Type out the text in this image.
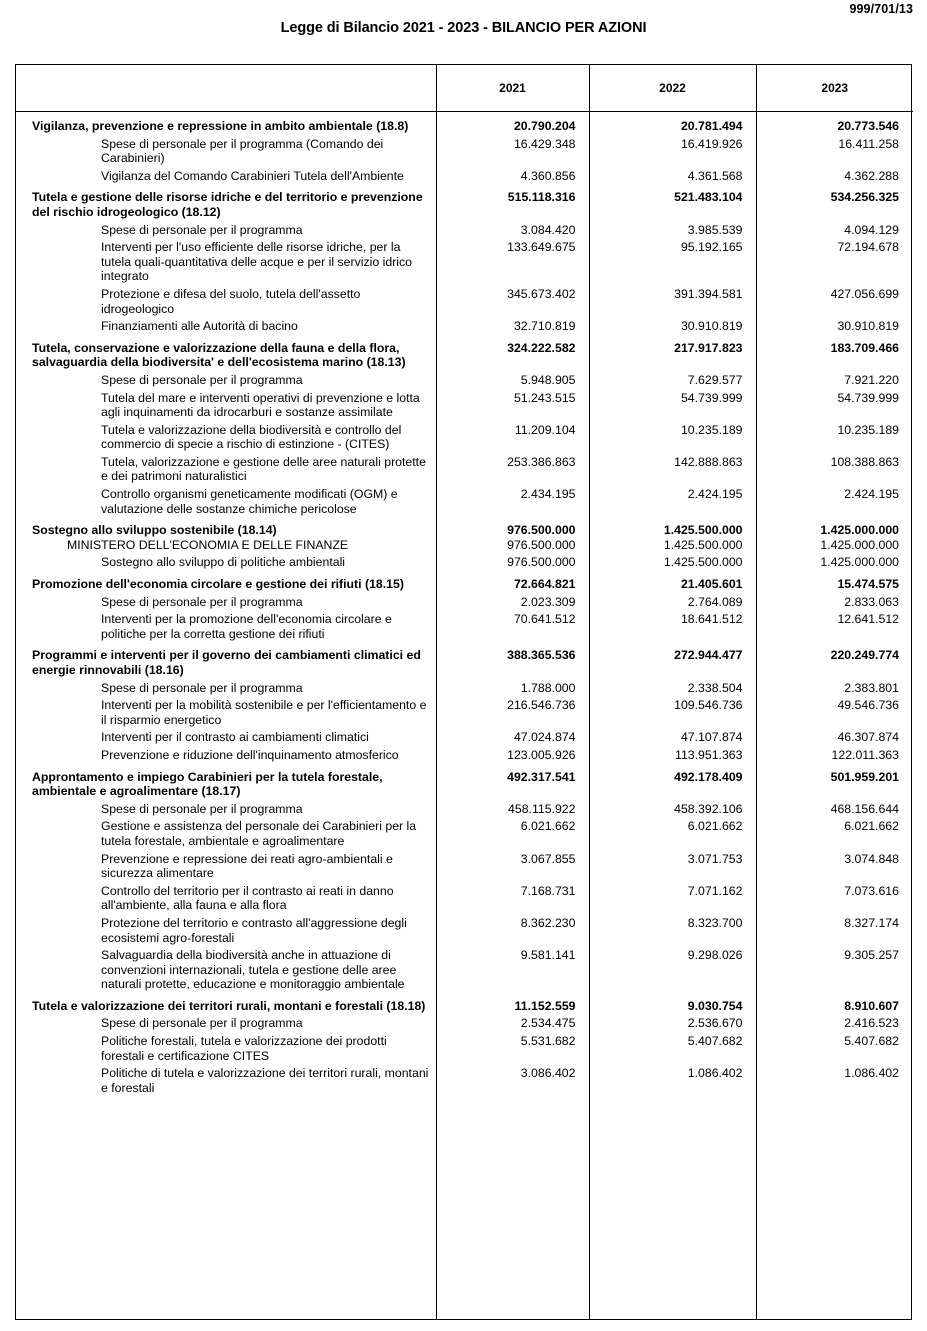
999/701/13
Legge di Bilancio 2021 - 2023 - BILANCIO PER AZIONI
	2021	2022	2023

Vigilanza, prevenzione e repressione in ambito ambientale (18.8)	20.790.204	20.781.494	20.773.546

Spese di personale per il programma (Comando dei Carabinieri)	16.429.348	16.419.926	16.411.258

Vigilanza del Comando Carabinieri Tutela dell'Ambiente	4.360.856	4.361.568	4.362.288

Tutela e gestione delle risorse idriche e del territorio e prevenzione del rischio idrogeologico (18.12)	515.118.316	521.483.104	534.256.325

Spese di personale per il programma	3.084.420	3.985.539	4.094.129

Interventi per l'uso efficiente delle risorse idriche, per la tutela quali-quantitativa delle acque e per il servizio idrico integrato	133.649.675	95.192.165	72.194.678

Protezione e difesa del suolo, tutela dell'assetto idrogeologico	345.673.402	391.394.581	427.056.699

Finanziamenti alle Autorità di bacino	32.710.819	30.910.819	30.910.819

Tutela, conservazione e valorizzazione della fauna e della flora, salvaguardia della biodiversita' e dell'ecosistema marino (18.13)	324.222.582	217.917.823	183.709.466

Spese di personale per il programma	5.948.905	7.629.577	7.921.220

Tutela del mare e interventi operativi di prevenzione e lotta agli inquinamenti da idrocarburi e sostanze assimilate	51.243.515	54.739.999	54.739.999

Tutela e valorizzazione della biodiversità e controllo del commercio di specie a rischio di estinzione - (CITES)	11.209.104	10.235.189	10.235.189

Tutela, valorizzazione e gestione delle aree naturali protette e dei patrimoni naturalistici	253.386.863	142.888.863	108.388.863

Controllo organismi geneticamente modificati (OGM) e valutazione delle sostanze chimiche pericolose	2.434.195	2.424.195	2.424.195

Sostegno allo sviluppo sostenibile (18.14)	976.500.000	1.425.500.000	1.425.000.000

MINISTERO DELL'ECONOMIA E DELLE FINANZE	976.500.000	1.425.500.000	1.425.000.000

Sostegno allo sviluppo di politiche ambientali	976.500.000	1.425.500.000	1.425.000.000

Promozione dell'economia circolare e gestione dei rifiuti (18.15)	72.664.821	21.405.601	15.474.575

Spese di personale per il programma	2.023.309	2.764.089	2.833.063

Interventi per la promozione dell'economia circolare e politiche per la corretta gestione dei rifiuti	70.641.512	18.641.512	12.641.512

Programmi e interventi per il governo dei cambiamenti climatici ed energie rinnovabili (18.16)	388.365.536	272.944.477	220.249.774

Spese di personale per il programma	1.788.000	2.338.504	2.383.801

Interventi per la mobilità sostenibile e per l'efficientamento e il risparmio energetico	216.546.736	109.546.736	49.546.736

Interventi per il contrasto ai cambiamenti climatici	47.024.874	47.107.874	46.307.874

Prevenzione e riduzione dell'inquinamento atmosferico	123.005.926	113.951.363	122.011.363

Approntamento e impiego Carabinieri per la tutela forestale, ambientale e agroalimentare (18.17)	492.317.541	492.178.409	501.959.201

Spese di personale per il programma	458.115.922	458.392.106	468.156.644

Gestione e assistenza del personale dei Carabinieri per la tutela forestale, ambientale e agroalimentare	6.021.662	6.021.662	6.021.662

Prevenzione e repressione dei reati agro-ambientali e sicurezza alimentare	3.067.855	3.071.753	3.074.848

Controllo del territorio per il contrasto ai reati in danno all'ambiente, alla fauna e alla flora	7.168.731	7.071.162	7.073.616

Protezione del territorio e contrasto all'aggressione degli ecosistemi agro-forestali	8.362.230	8.323.700	8.327.174

Salvaguardia della biodiversità anche in attuazione di convenzioni internazionali, tutela e gestione delle aree naturali protette, educazione e monitoraggio ambientale	9.581.141	9.298.026	9.305.257

Tutela e valorizzazione dei territori rurali, montani e forestali (18.18)	11.152.559	9.030.754	8.910.607

Spese di personale per il programma	2.534.475	2.536.670	2.416.523

Politiche forestali, tutela e valorizzazione dei prodotti forestali e certificazione CITES	5.531.682	5.407.682	5.407.682

Politiche di tutela e valorizzazione dei territori rurali, montani e forestali	3.086.402	1.086.402	1.086.402
